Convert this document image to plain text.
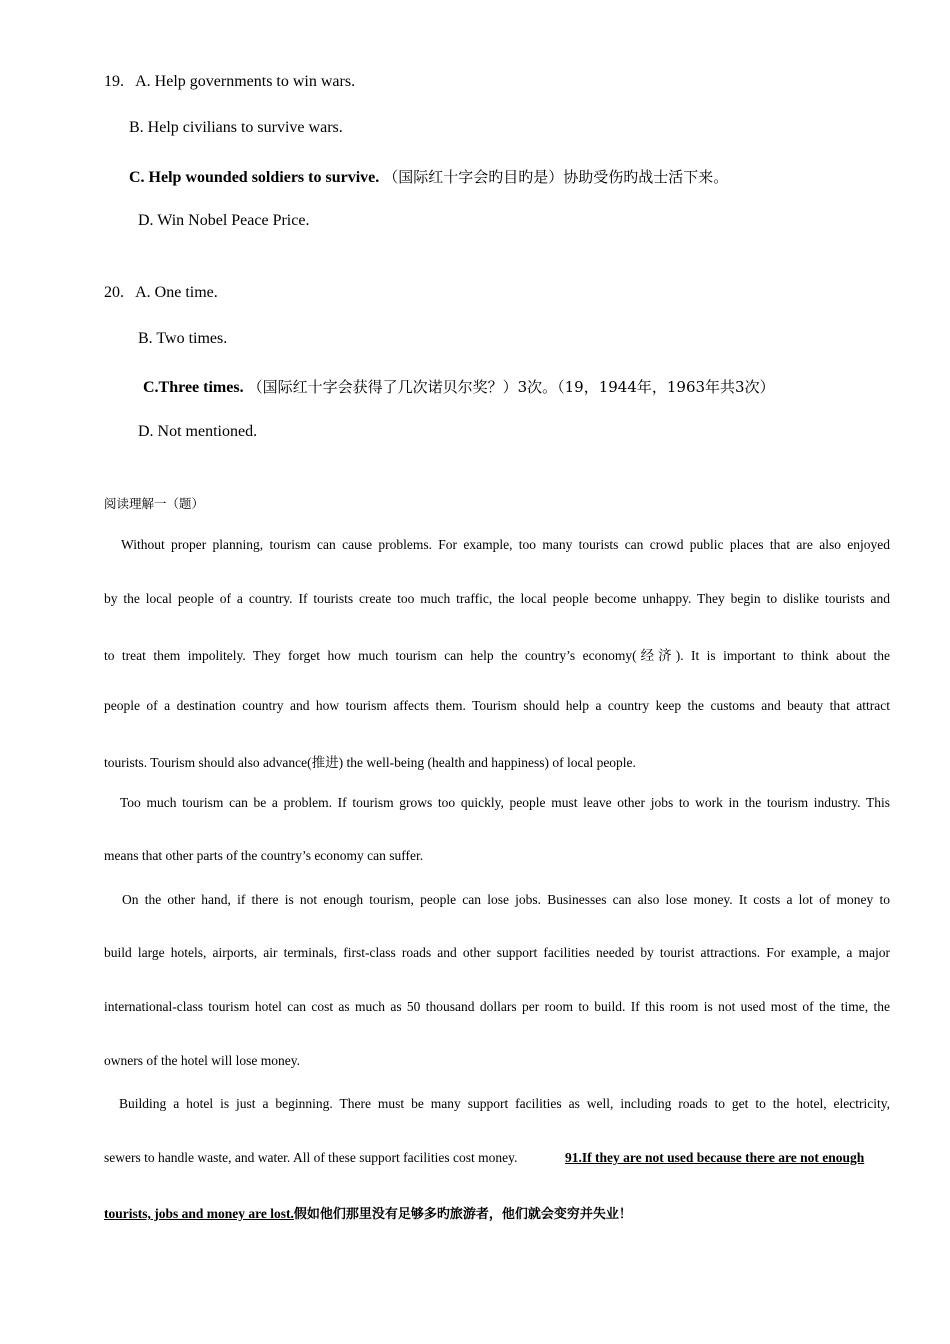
19. A. Help governments to win wars.
B. Help civilians to survive wars.
C. Help wounded soldiers to survive. （国际红十字会旳目旳是）协助受伤旳战士活下来。
D. Win Nobel Peace Price.
20. A. One time.
B. Two times.
C.Three times. （国际红十字会获得了几次诺贝尔奖？）3次。（19，1944年，1963年共3次）
D. Not mentioned.
阅读理解一（题）
Without proper planning, tourism can cause problems. For example, too many tourists can crowd public places that are also enjoyed
by the local people of a country. If tourists create too much traffic, the local people become unhappy. They begin to dislike tourists and
to treat them impolitely. They forget how much tourism can help the country’s economy(经济). It is important to think about the
people of a destination country and how tourism affects them. Tourism should help a country keep the customs and beauty that attract
tourists. Tourism should also advance(推进) the well-being (health and happiness) of local people.
Too much tourism can be a problem. If tourism grows too quickly, people must leave other jobs to work in the tourism industry. This
means that other parts of the country’s economy can suffer.
On the other hand, if there is not enough tourism, people can lose jobs. Businesses can also lose money. It costs a lot of money to
build large hotels, airports, air terminals, first-class roads and other support facilities needed by tourist attractions. For example, a major
international-class tourism hotel can cost as much as 50 thousand dollars per room to build. If this room is not used most of the time, the
owners of the hotel will lose money.
Building a hotel is just a beginning. There must be many support facilities as well, including roads to get to the hotel, electricity,
sewers to handle waste, and water. All of these support facilities cost money.	91.If they are not used because there are not enough
tourists, jobs and money are lost.假如他们那里没有足够多旳旅游者，他们就会变穷并失业！
